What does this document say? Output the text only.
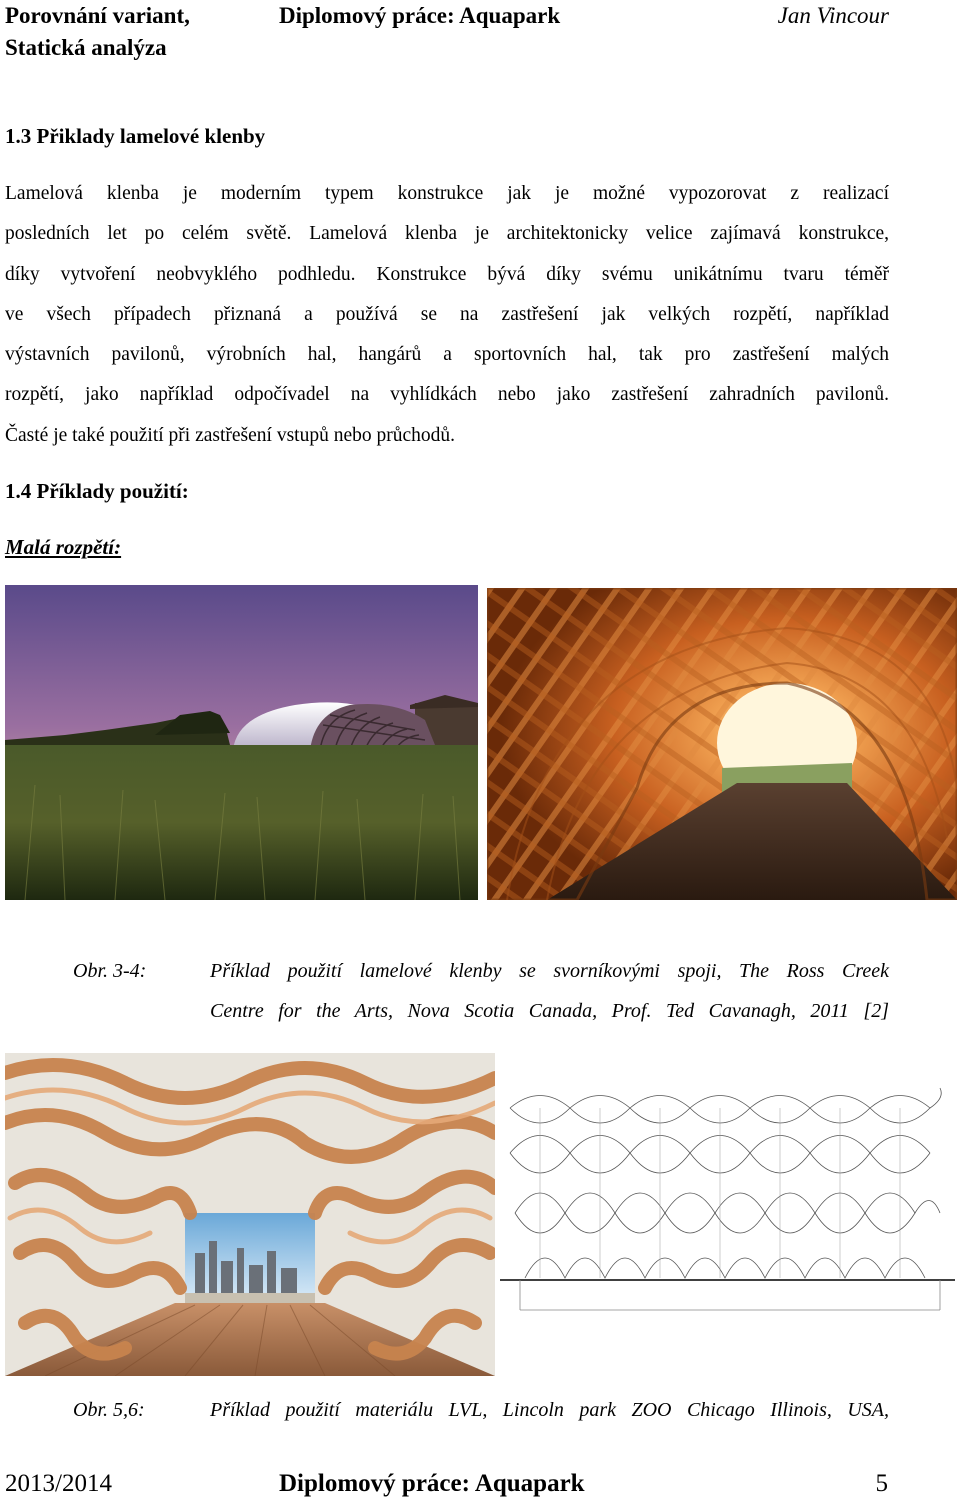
Porovnání variant,
Statická analýza
Diplomový práce: Aquapark	Jan Vincour
1.3 Přiklady lamelové klenby
Lamelová klenba je moderním typem konstrukce jak je možné vypozorovat z realizací
posledních let po celém světě. Lamelová klenba je architektonicky velice zajímavá konstrukce,
díky vytvoření neobvyklého podhledu. Konstrukce bývá díky svému unikátnímu tvaru téměř
ve všech případech přiznaná a používá se na zastřešení jak velkých rozpětí, například
výstavních pavilonů, výrobních hal, hangárů a sportovních hal, tak pro zastřešení malých
rozpětí, jako například odpočívadel na vyhlídkách nebo jako zastřešení zahradních pavilonů.
Časté je také použití při zastřešení vstupů nebo průchodů.
1.4 Příklady použití:
Malá rozpětí:
Obr. 3-4:	Příklad použití lamelové klenby se svorníkovými spoji, The Ross Creek
Centre for the Arts, Nova Scotia Canada, Prof. Ted Cavanagh, 2011 [2]
Obr. 5,6:	Příklad použití materiálu LVL, Lincoln park ZOO Chicago Illinois, USA,
2013/2014	Diplomový práce: Aquapark	5
